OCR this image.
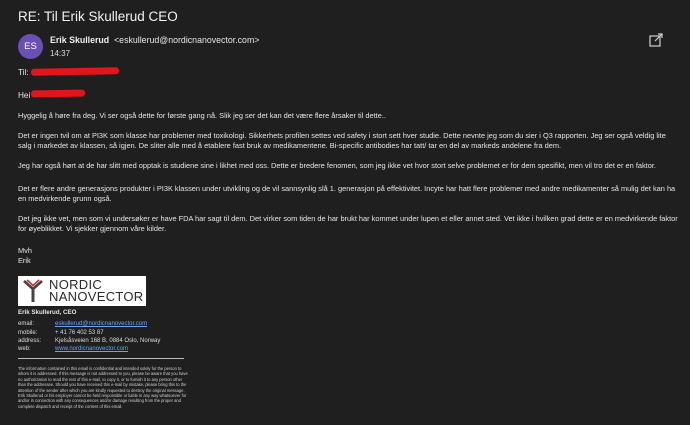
RE: Til Erik Skullerud CEO
ES
Erik Skullerud <eskullerud@nordicnanovector.com>
14:37
Til:
Hei
Hyggelig å høre fra deg. Vi ser også dette for første gang nå. Slik jeg ser det kan det være flere årsaker til dette..
Det er ingen tvil om at PI3K som klasse har problemer med toxikologi. Sikkerhets profilen settes ved safety i stort sett hver studie. Dette nevnte jeg som du sier i Q3 rapporten. Jeg ser også veldig lite salg i markedet av klassen, så igjen. De sliter alle med å etablere fast bruk av medikamentene. Bi-specific antibodies har tatt/ tar en del av markeds andelene fra dem.
Jeg har også hørt at de har slitt med opptak is studiene sine i likhet med oss. Dette er bredere fenomen, som jeg ikke vet hvor stort selve problemet er for dem spesifikt, men vil tro det er en faktor.
Det er flere andre generasjons produkter i PI3K klassen under utvikling og de vil sannsynlig slå 1. generasjon på effektivitet. Incyte har hatt flere problemer med andre medikamenter så mulig det kan ha en medvirkende grunn også.
Det jeg ikke vet, men som vi undersøker er have FDA har sagt til dem. Det virker som tiden de har brukt har kommet under lupen et eller annet sted. Vet ikke i hvilken grad dette er en medvirkende faktor for øyeblikket. Vi sjekker gjennom våre kilder.
Mvh
Erik
NORDIC
NANOVECTOR
Erik Skullerud, CEO
email:	eskullerud@nordicnanovector.com
mobile:	+ 41 76 402 53 87
address: Kjelsåsveien 168 B, 0884 Oslo, Norway
web:	www.nordicnanovector.com
The information contained in this email is confidential and intended solely for the person to whom it is addressed. If this message is not addressed to you, please be aware that you have no authorization to read the rest of this e-mail, to copy it, or to furnish it to any person other than the addressee. Should you have received this e-mail by mistake, please bring this to the attention of the sender after which you are kindly requested to destroy the original message. Erik Skullerud or his employer cannot be held responsible or liable in any way whatsoever for and/or in connection with any consequences and/or damage resulting from the proper and complete dispatch and receipt of the content of this email.
